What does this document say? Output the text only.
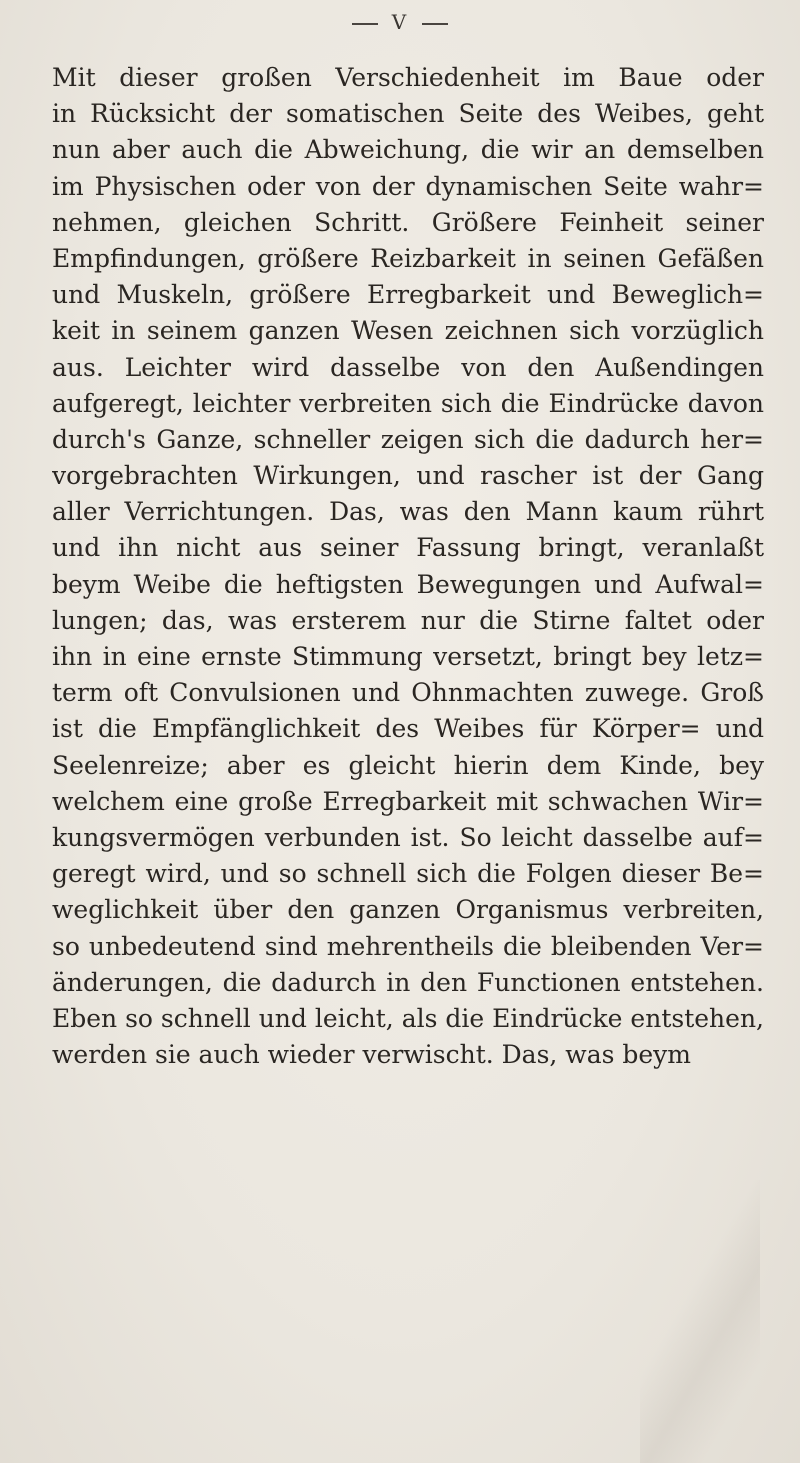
V
Mit dieser großen Verschiedenheit im Baue oder
in Rücksicht der somatischen Seite des Weibes, geht
nun aber auch die Abweichung, die wir an demselben
im Physischen oder von der dynamischen Seite wahr=
nehmen, gleichen Schritt. Größere Feinheit seiner
Empfindungen, größere Reizbarkeit in seinen Gefäßen
und Muskeln, größere Erregbarkeit und Beweglich=
keit in seinem ganzen Wesen zeichnen sich vorzüglich
aus. Leichter wird dasselbe von den Außendingen
aufgeregt, leichter verbreiten sich die Eindrücke davon
durch's Ganze, schneller zeigen sich die dadurch her=
vorgebrachten Wirkungen, und rascher ist der Gang
aller Verrichtungen. Das, was den Mann kaum rührt
und ihn nicht aus seiner Fassung bringt, veranlaßt
beym Weibe die heftigsten Bewegungen und Aufwal=
lungen; das, was ersterem nur die Stirne faltet oder
ihn in eine ernste Stimmung versetzt, bringt bey letz=
term oft Convulsionen und Ohnmachten zuwege. Groß
ist die Empfänglichkeit des Weibes für Körper= und
Seelenreize; aber es gleicht hierin dem Kinde, bey
welchem eine große Erregbarkeit mit schwachen Wir=
kungsvermögen verbunden ist. So leicht dasselbe auf=
geregt wird, und so schnell sich die Folgen dieser Be=
weglichkeit über den ganzen Organismus verbreiten,
so unbedeutend sind mehrentheils die bleibenden Ver=
änderungen, die dadurch in den Functionen entstehen.
Eben so schnell und leicht, als die Eindrücke entstehen,
werden sie auch wieder verwischt. Das, was beym
